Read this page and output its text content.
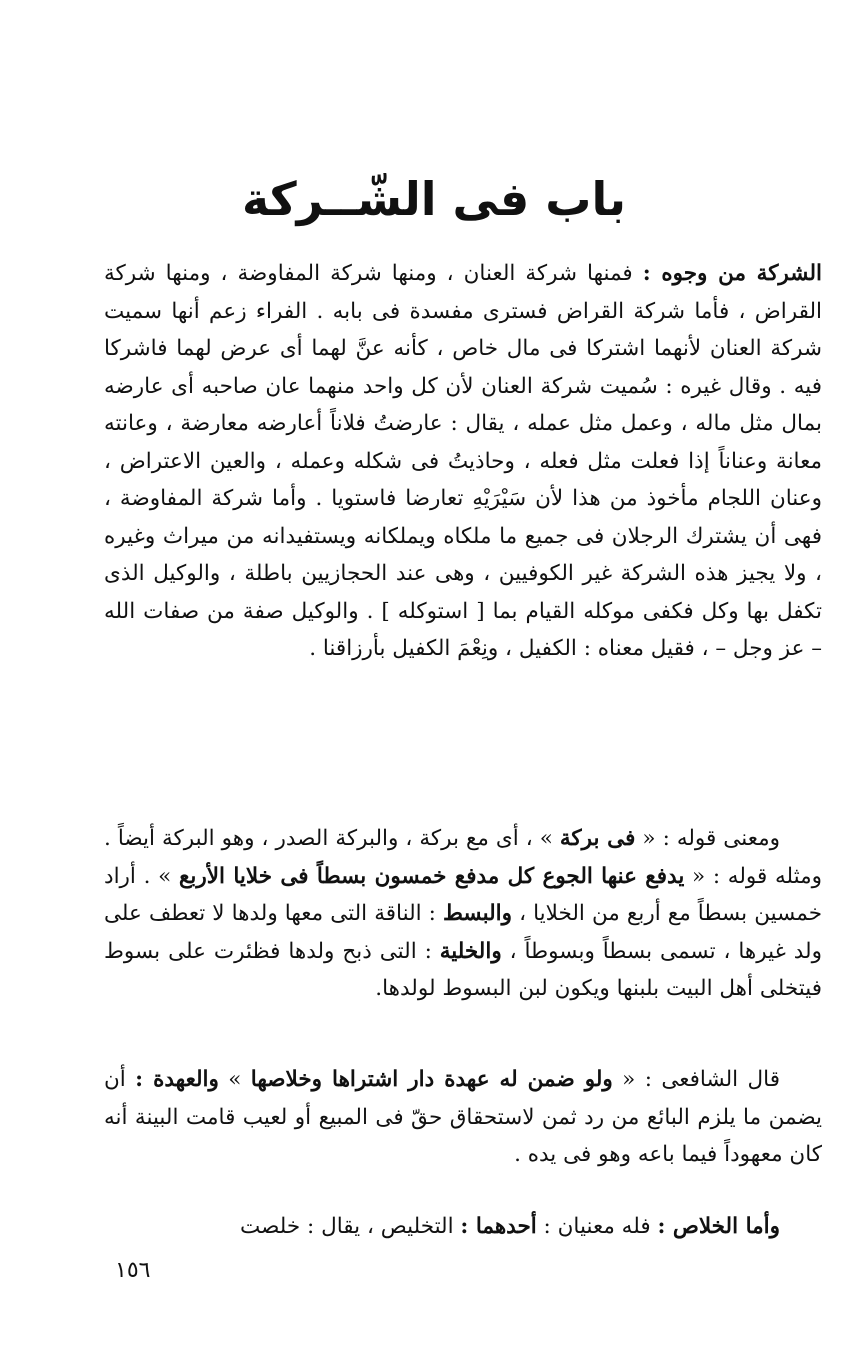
باب فى الشّــركة
الشركة من وجوه : فمنها شركة العنان ، ومنها شركة المفاوضة ، ومنها شركة القراض ، فأما شركة القراض فسترى مفسدة فى بابه . الفراء زعم أنها سميت شركة العنان لأنهما اشتركا فى مال خاص ، كأنه عنَّ لهما أى عرض لهما فاشركا فيه . وقال غيره : سُميت شركة العنان لأن كل واحد منهما عان صاحبه أى عارضه بمال مثل ماله ، وعمل مثل عمله ، يقال : عارضتُ فلاناً أعارضه معارضة ، وعانته معانة وعناناً إذا فعلت مثل فعله ، وحاذيتُ فى شكله وعمله ، والعين الاعتراض ، وعنان اللجام مأخوذ من هذا لأن سَيْرَيْهِ تعارضا فاستويا . وأما شركة المفاوضة ، فهى أن يشترك الرجلان فى جميع ما ملكاه ويملكانه ويستفيدانه من ميراث وغيره ، ولا يجيز هذه الشركة غير الكوفيين ، وهى عند الحجازيين باطلة ، والوكيل الذى تكفل بها وكل فكفى موكله القيام بما [ استوكله ] . والوكيل صفة من صفات الله – عز وجل – ، فقيل معناه : الكفيل ، ونِعْمَ الكفيل بأرزاقنا .
ومعنى قوله : « فى بركة » ، أى مع بركة ، والبركة الصدر ، وهو البركة أيضاً . ومثله قوله : « يدفع عنها الجوع كل مدفع خمسون بسطاً فى خلايا الأربع » . أراد خمسين بسطاً مع أربع من الخلايا ، والبسط : الناقة التى معها ولدها لا تعطف على ولد غيرها ، تسمى بسطاً وبسوطاً ، والخلية : التى ذبح ولدها فظئرت على بسوط فيتخلى أهل البيت بلبنها ويكون لبن البسوط لولدها.
قال الشافعى : « ولو ضمن له عهدة دار اشتراها وخلاصها » والعهدة : أن يضمن ما يلزم البائع من رد ثمن لاستحقاق حقّ فى المبيع أو لعيب قامت البينة أنه كان معهوداً فيما باعه وهو فى يده .
وأما الخلاص : فله معنيان : أحدهما : التخليص ، يقال : خلصت
١٥٦
